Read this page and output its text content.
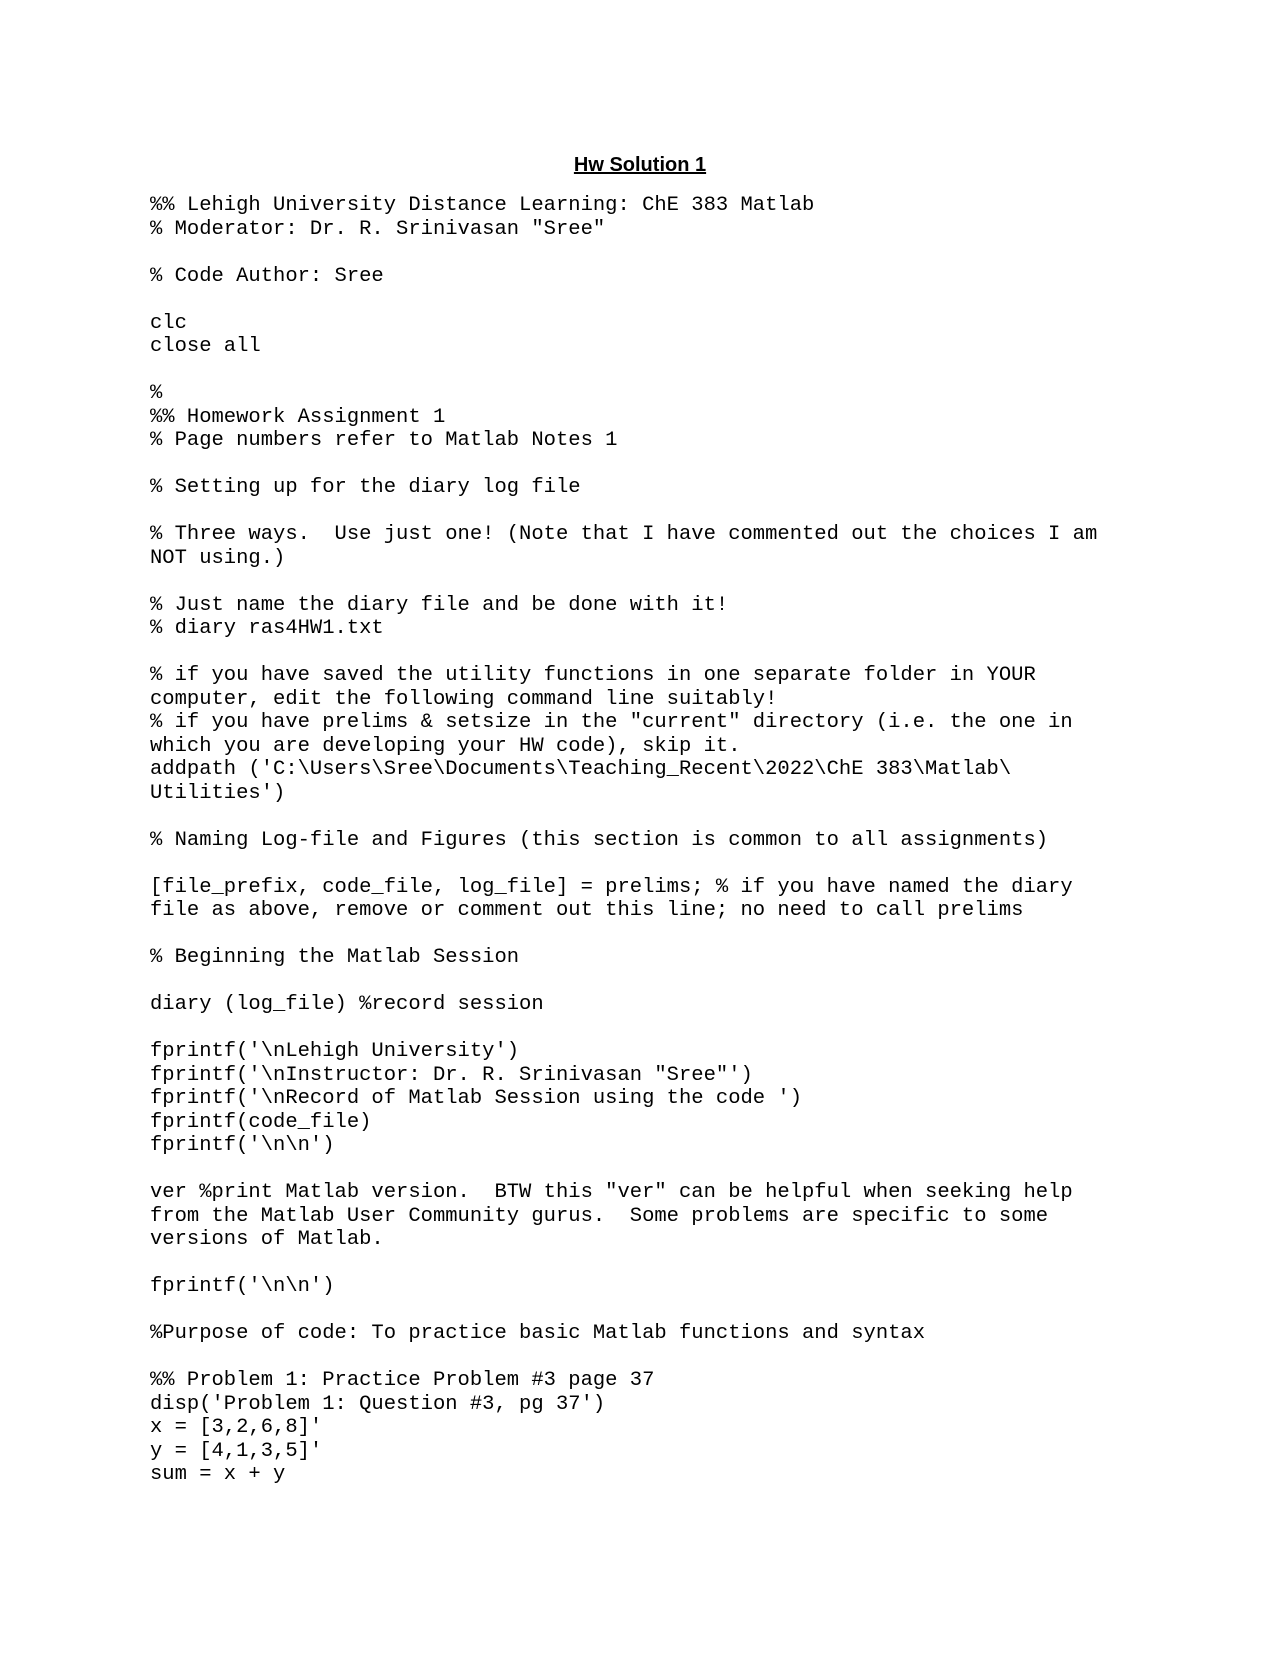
Hw Solution 1
%% Lehigh University Distance Learning: ChE 383 Matlab
% Moderator: Dr. R. Srinivasan "Sree"
% Code Author: Sree
clc
close all
%
%% Homework Assignment 1
% Page numbers refer to Matlab Notes 1
% Setting up for the diary log file
% Three ways.  Use just one! (Note that I have commented out the choices I am
NOT using.)
% Just name the diary file and be done with it!
% diary ras4HW1.txt
% if you have saved the utility functions in one separate folder in YOUR
computer, edit the following command line suitably!
% if you have prelims & setsize in the "current" directory (i.e. the one in
which you are developing your HW code), skip it.
addpath ('C:\Users\Sree\Documents\Teaching_Recent\2022\ChE 383\Matlab\
Utilities')
% Naming Log-file and Figures (this section is common to all assignments)
[file_prefix, code_file, log_file] = prelims; % if you have named the diary
file as above, remove or comment out this line; no need to call prelims
% Beginning the Matlab Session
diary (log_file) %record session
fprintf('\nLehigh University')
fprintf('\nInstructor: Dr. R. Srinivasan "Sree"')
fprintf('\nRecord of Matlab Session using the code ')
fprintf(code_file)
fprintf('\n\n')
ver %print Matlab version.  BTW this "ver" can be helpful when seeking help
from the Matlab User Community gurus.  Some problems are specific to some
versions of Matlab.
fprintf('\n\n')
%Purpose of code: To practice basic Matlab functions and syntax
%% Problem 1: Practice Problem #3 page 37
disp('Problem 1: Question #3, pg 37')
x = [3,2,6,8]'
y = [4,1,3,5]'
sum = x + y
